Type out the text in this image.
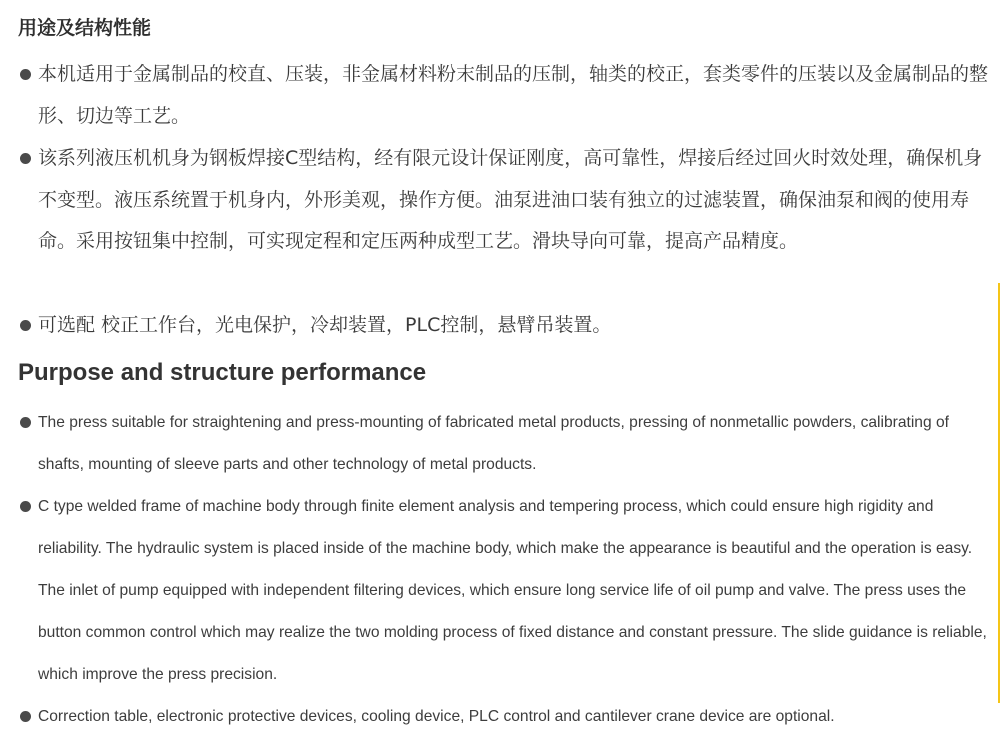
用途及结构性能
本机适用于金属制品的校直、压装，非金属材料粉末制品的压制，轴类的校正，套类零件的压装以及金属制品的整形、切边等工艺。
该系列液压机机身为钢板焊接C型结构，经有限元设计保证刚度，高可靠性，焊接后经过回火时效处理，确保机身不变型。液压系统置于机身内，外形美观，操作方便。油泵进油口装有独立的过滤装置，确保油泵和阀的使用寿命。采用按钮集中控制，可实现定程和定压两种成型工艺。滑块导向可靠，提高产品精度。
可选配 校正工作台，光电保护，冷却装置，PLC控制，悬臂吊装置。
Purpose and structure performance
The press suitable for straightening and press-mounting of fabricated metal products, pressing of nonmetallic powders, calibrating of shafts, mounting of sleeve parts and other technology of metal products.
C type welded frame of machine body through finite element analysis and tempering process, which could ensure high rigidity and reliability. The hydraulic system is placed inside of the machine body, which make the appearance is beautiful and the operation is easy. The inlet of pump equipped with independent filtering devices, which ensure long service life of oil pump and valve. The press uses the button common control which may realize the two molding process of fixed distance and constant pressure. The slide guidance is reliable, which improve the press precision.
Correction table, electronic protective devices, cooling device, PLC control and cantilever crane device are optional.
